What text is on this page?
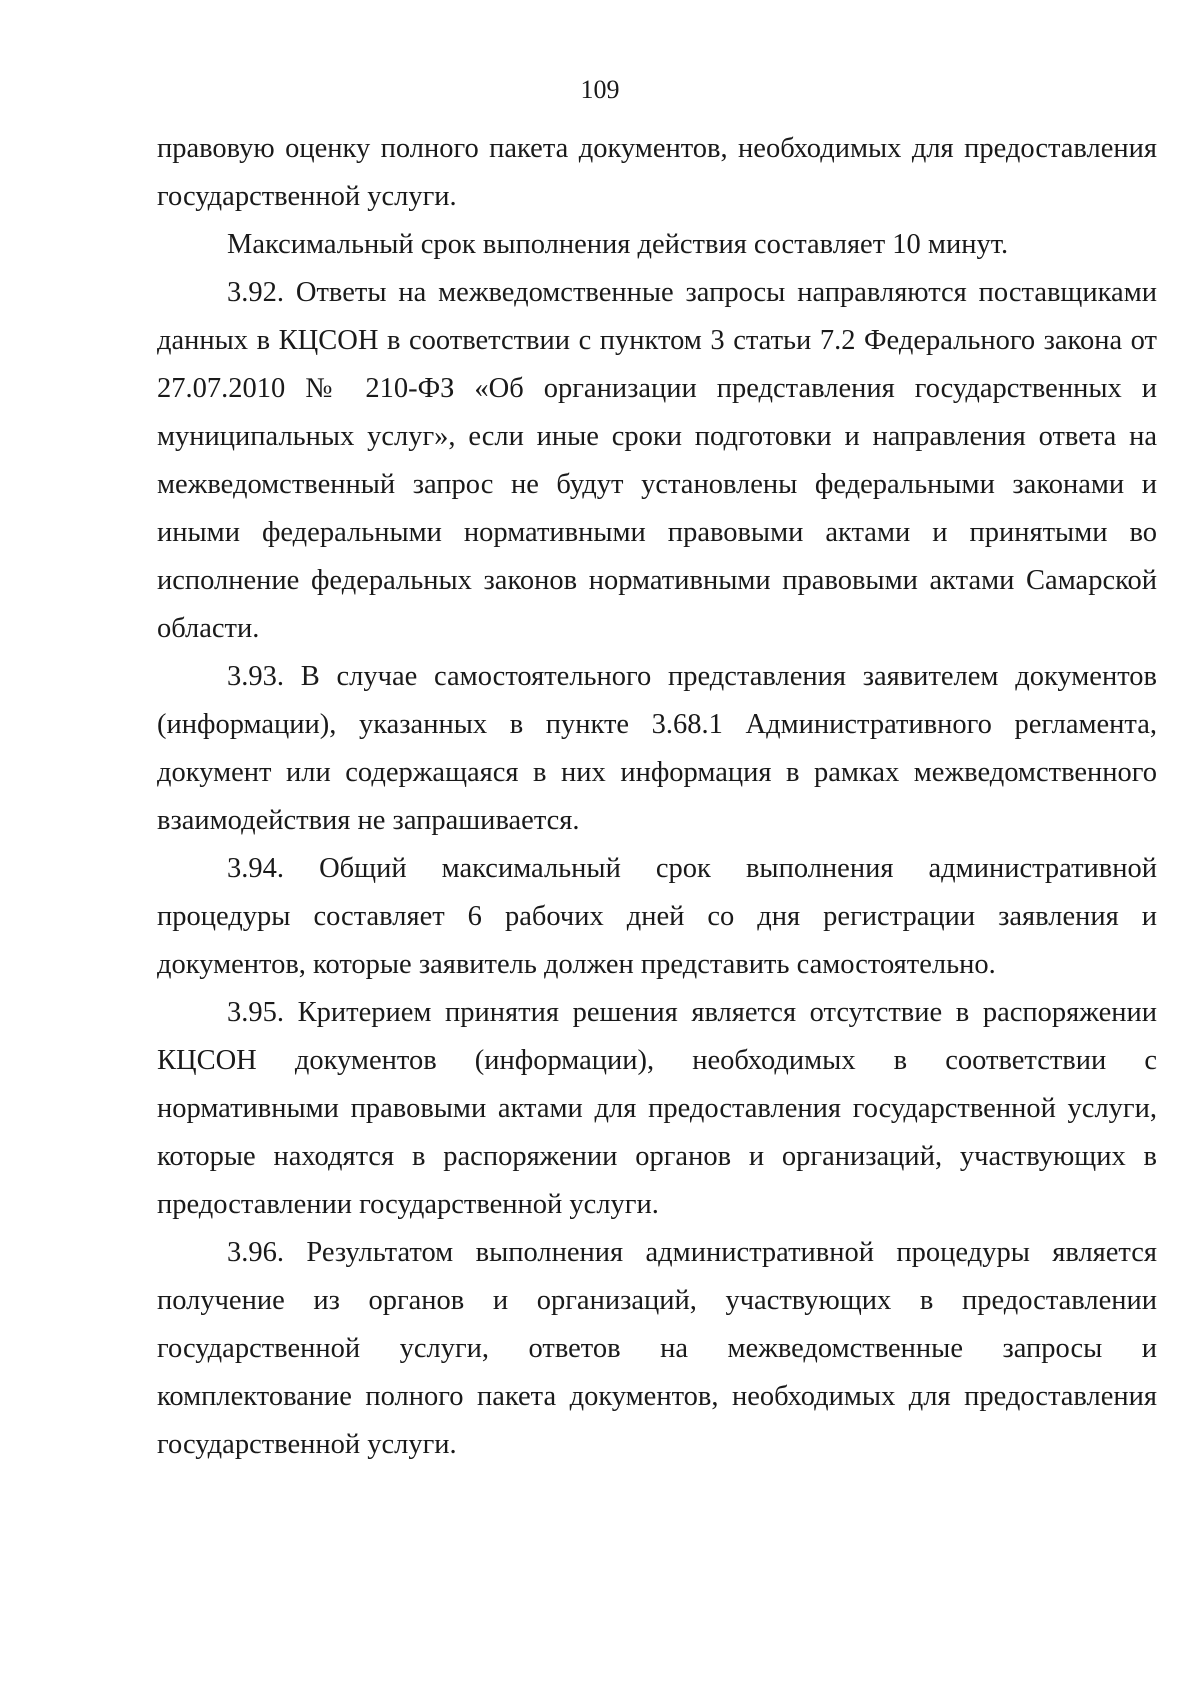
109

правовую оценку полного пакета документов, необходимых для предоставления государственной услуги.

Максимальный срок выполнения действия составляет 10 минут.

3.92. Ответы на межведомственные запросы направляются поставщиками данных в КЦСОН в соответствии с пунктом 3 статьи 7.2 Федерального закона от 27.07.2010 № 210-ФЗ «Об организации представления государственных и муниципальных услуг», если иные сроки подготовки и направления ответа на межведомственный запрос не будут установлены федеральными законами и иными федеральными нормативными правовыми актами и принятыми во исполнение федеральных законов нормативными правовыми актами Самарской области.

3.93. В случае самостоятельного представления заявителем документов (информации), указанных в пункте 3.68.1 Административного регламента, документ или содержащаяся в них информация в рамках межведомственного взаимодействия не запрашивается.

3.94. Общий максимальный срок выполнения административной процедуры составляет 6 рабочих дней со дня регистрации заявления и документов, которые заявитель должен представить самостоятельно.

3.95. Критерием принятия решения является отсутствие в распоряжении КЦСОН документов (информации), необходимых в соответствии с нормативными правовыми актами для предоставления государственной услуги, которые находятся в распоряжении органов и организаций, участвующих в предоставлении государственной услуги.

3.96. Результатом выполнения административной процедуры является получение из органов и организаций, участвующих в предоставлении государственной услуги, ответов на межведомственные запросы и комплектование полного пакета документов, необходимых для предоставления государственной услуги.
